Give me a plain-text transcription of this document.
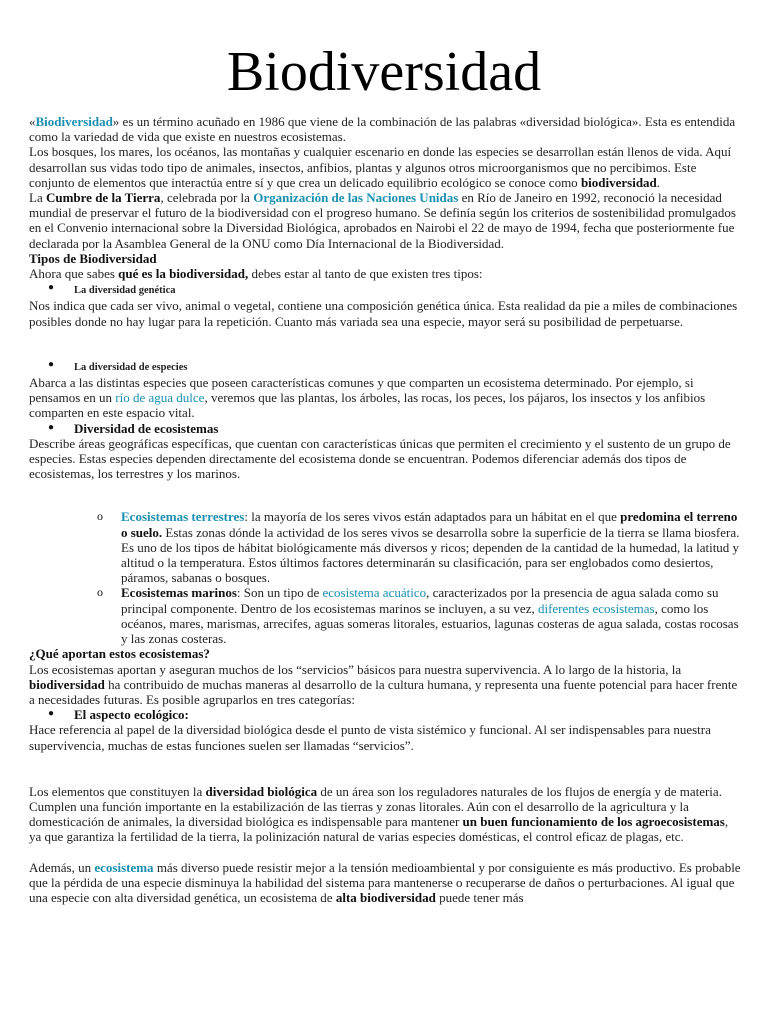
Biodiversidad

«Biodiversidad» es un término acuñado en 1986 que viene de la combinación de las palabras «diversidad biológica». Esta es entendida como la variedad de vida que existe en nuestros ecosistemas.

Los bosques, los mares, los océanos, las montañas y cualquier escenario en donde las especies se desarrollan están llenos de vida. Aquí desarrollan sus vidas todo tipo de animales, insectos, anfibios, plantas y algunos otros microorganismos que no percibimos. Este conjunto de elementos que interactúa entre sí y que crea un delicado equilibrio ecológico se conoce como biodiversidad.

La Cumbre de la Tierra, celebrada por la Organización de las Naciones Unidas en Río de Janeiro en 1992, reconoció la necesidad mundial de preservar el futuro de la biodiversidad con el progreso humano. Se definía según los criterios de sostenibilidad promulgados en el Convenio internacional sobre la Diversidad Biológica, aprobados en Nairobi el 22 de mayo de 1994, fecha que posteriormente fue declarada por la Asamblea General de la ONU como Día Internacional de la Biodiversidad.

Tipos de Biodiversidad

Ahora que sabes qué es la biodiversidad, debes estar al tanto de que existen tres tipos:

● La diversidad genética

Nos indica que cada ser vivo, animal o vegetal, contiene una composición genética única. Esta realidad da pie a miles de combinaciones posibles donde no hay lugar para la repetición. Cuanto más variada sea una especie, mayor será su posibilidad de perpetuarse.

● La diversidad de especies

Abarca a las distintas especies que poseen características comunes y que comparten un ecosistema determinado. Por ejemplo, si pensamos en un río de agua dulce, veremos que las plantas, los árboles, las rocas, los peces, los pájaros, los insectos y los anfibios comparten en este espacio vital.

● Diversidad de ecosistemas

Describe áreas geográficas específicas, que cuentan con características únicas que permiten el crecimiento y el sustento de un grupo de especies. Estas especies dependen directamente del ecosistema donde se encuentran. Podemos diferenciar además dos tipos de ecosistemas, los terrestres y los marinos.

o Ecosistemas terrestres: la mayoría de los seres vivos están adaptados para un hábitat en el que predomina el terreno o suelo. Estas zonas dónde la actividad de los seres vivos se desarrolla sobre la superficie de la tierra se llama biosfera. Es uno de los tipos de hábitat biológicamente más diversos y ricos; dependen de la cantidad de la humedad, la latitud y altitud o la temperatura. Estos últimos factores determinarán su clasificación, para ser englobados como desiertos, páramos, sabanas o bosques.

o Ecosistemas marinos: Son un tipo de ecosistema acuático, caracterizados por la presencia de agua salada como su principal componente. Dentro de los ecosistemas marinos se incluyen, a su vez, diferentes ecosistemas, como los océanos, mares, marismas, arrecifes, aguas someras litorales, estuarios, lagunas costeras de agua salada, costas rocosas y las zonas costeras.

¿Qué aportan estos ecosistemas?

Los ecosistemas aportan y aseguran muchos de los “servicios” básicos para nuestra supervivencia. A lo largo de la historia, la biodiversidad ha contribuido de muchas maneras al desarrollo de la cultura humana, y representa una fuente potencial para hacer frente a necesidades futuras. Es posible agruparlos en tres categorías:

● El aspecto ecológico:

Hace referencia al papel de la diversidad biológica desde el punto de vista sistémico y funcional. Al ser indispensables para nuestra supervivencia, muchas de estas funciones suelen ser llamadas “servicios”.

Los elementos que constituyen la diversidad biológica de un área son los reguladores naturales de los flujos de energía y de materia. Cumplen una función importante en la estabilización de las tierras y zonas litorales. Aún con el desarrollo de la agricultura y la domesticación de animales, la diversidad biológica es indispensable para mantener un buen funcionamiento de los agroecosistemas, ya que garantiza la fertilidad de la tierra, la polinización natural de varias especies domésticas, el control eficaz de plagas, etc.

Además, un ecosistema más diverso puede resistir mejor a la tensión medioambiental y por consiguiente es más productivo. Es probable que la pérdida de una especie disminuya la habilidad del sistema para mantenerse o recuperarse de daños o perturbaciones. Al igual que una especie con alta diversidad genética, un ecosistema de alta biodiversidad puede tener más
